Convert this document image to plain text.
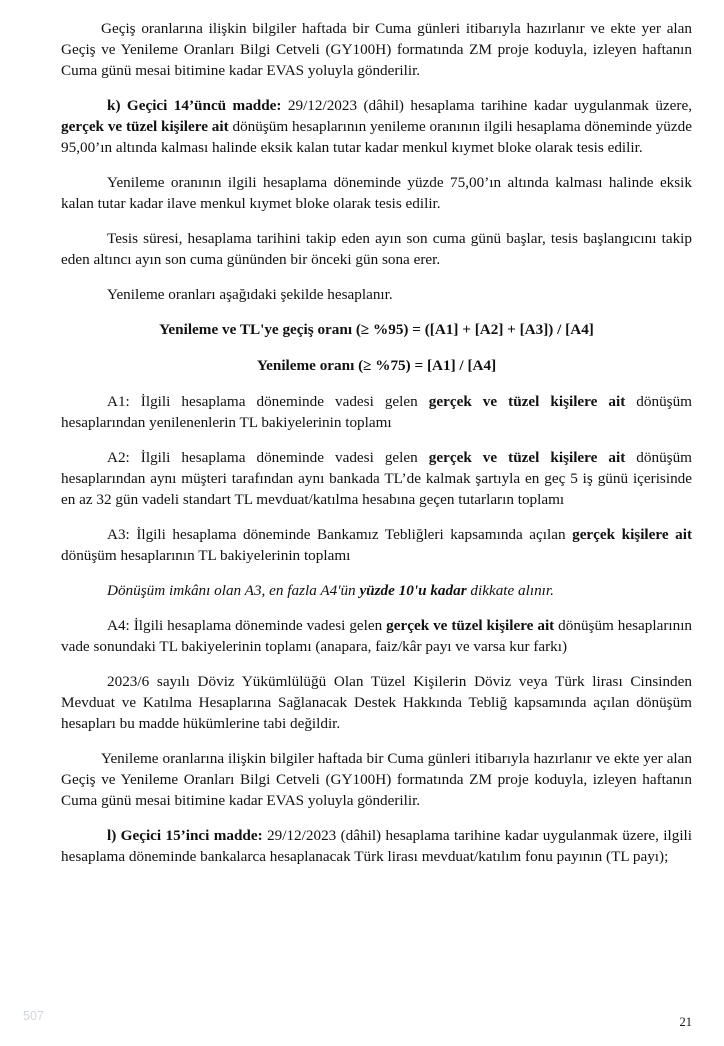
Geçiş oranlarına ilişkin bilgiler haftada bir Cuma günleri itibarıyla hazırlanır ve ekte yer alan Geçiş ve Yenileme Oranları Bilgi Cetveli (GY100H) formatında ZM proje koduyla, izleyen haftanın Cuma günü mesai bitimine kadar EVAS yoluyla gönderilir.

k) Geçici 14’üncü madde: 29/12/2023 (dâhil) hesaplama tarihine kadar uygulanmak üzere, gerçek ve tüzel kişilere ait dönüşüm hesaplarının yenileme oranının ilgili hesaplama döneminde yüzde 95,00’ın altında kalması halinde eksik kalan tutar kadar menkul kıymet bloke olarak tesis edilir.

Yenileme oranının ilgili hesaplama döneminde yüzde 75,00’ın altında kalması halinde eksik kalan tutar kadar ilave menkul kıymet bloke olarak tesis edilir.

Tesis süresi, hesaplama tarihini takip eden ayın son cuma günü başlar, tesis başlangıcını takip eden altıncı ayın son cuma gününden bir önceki gün sona erer.

Yenileme oranları aşağıdaki şekilde hesaplanır.

Yenileme ve TL'ye geçiş oranı (≥ %95) = ([A1] + [A2] + [A3]) / [A4]

Yenileme oranı (≥ %75) = [A1] / [A4]

A1: İlgili hesaplama döneminde vadesi gelen gerçek ve tüzel kişilere ait dönüşüm hesaplarından yenilenenlerin TL bakiyelerinin toplamı

A2: İlgili hesaplama döneminde vadesi gelen gerçek ve tüzel kişilere ait dönüşüm hesaplarından aynı müşteri tarafından aynı bankada TL’de kalmak şartıyla en geç 5 iş günü içerisinde en az 32 gün vadeli standart TL mevduat/katılma hesabına geçen tutarların toplamı

A3: İlgili hesaplama döneminde Bankamız Tebliğleri kapsamında açılan gerçek kişilere ait dönüşüm hesaplarının TL bakiyelerinin toplamı

Dönüşüm imkânı olan A3, en fazla A4'ün yüzde 10'u kadar dikkate alınır.

A4: İlgili hesaplama döneminde vadesi gelen gerçek ve tüzel kişilere ait dönüşüm hesaplarının vade sonundaki TL bakiyelerinin toplamı (anapara, faiz/kâr payı ve varsa kur farkı)

2023/6 sayılı Döviz Yükümlülüğü Olan Tüzel Kişilerin Döviz veya Türk lirası Cinsinden Mevduat ve Katılma Hesaplarına Sağlanacak Destek Hakkında Tebliğ kapsamında açılan dönüşüm hesapları bu madde hükümlerine tabi değildir.

Yenileme oranlarına ilişkin bilgiler haftada bir Cuma günleri itibarıyla hazırlanır ve ekte yer alan Geçiş ve Yenileme Oranları Bilgi Cetveli (GY100H) formatında ZM proje koduyla, izleyen haftanın Cuma günü mesai bitimine kadar EVAS yoluyla gönderilir.

l) Geçici 15’inci madde: 29/12/2023 (dâhil) hesaplama tarihine kadar uygulanmak üzere, ilgili hesaplama döneminde bankalarca hesaplanacak Türk lirası mevduat/katılım fonu payının (TL payı);

507	21
